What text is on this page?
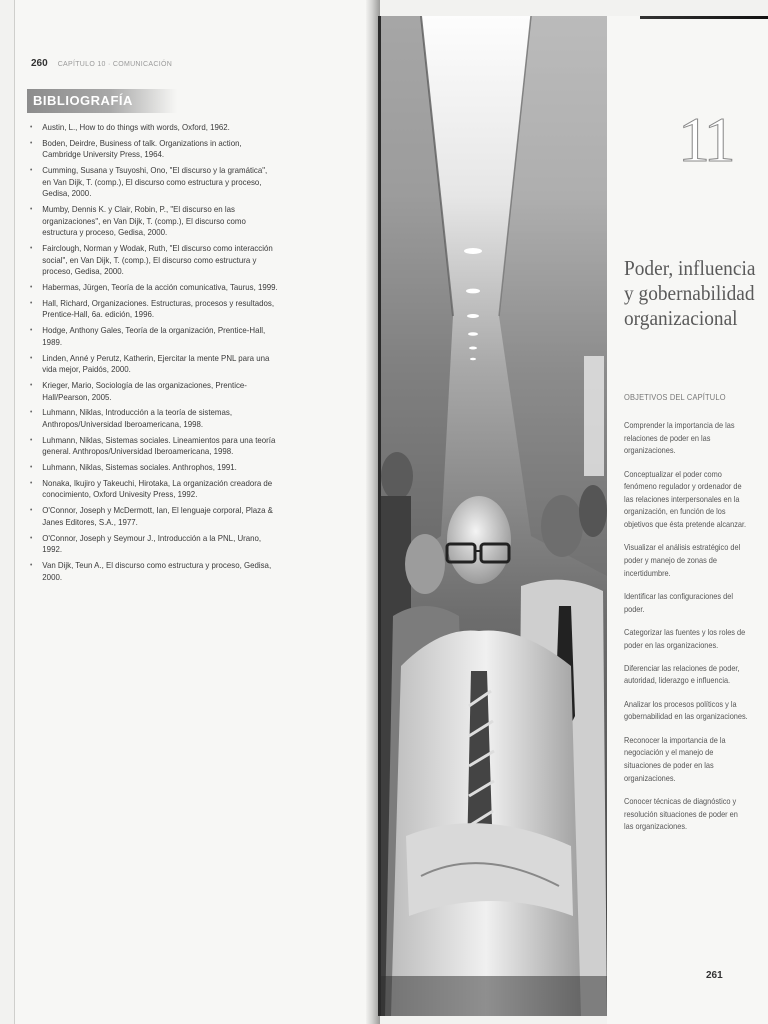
260 CAPÍTULO 10 · COMUNICACIÓN
BIBLIOGRAFÍA
• Austin, L., How to do things with words, Oxford, 1962.
• Boden, Deirdre, Business of talk. Organizations in action, Cambridge University Press, 1964.
• Cumming, Susana y Tsuyoshi, Ono, "El discurso y la gramática", en Van Dijk, T. (comp.), El discurso como estructura y proceso, Gedisa, 2000.
• Mumby, Dennis K. y Clair, Robin, P., "El discurso en las organizaciones", en Van Dijk, T. (comp.), El discurso como estructura y proceso, Gedisa, 2000.
• Fairclough, Norman y Wodak, Ruth, "El discurso como interacción social", en Van Dijk, T. (comp.), El discurso como estructura y proceso, Gedisa, 2000.
• Habermas, Jürgen, Teoría de la acción comunicativa, Taurus, 1999.
• Hall, Richard, Organizaciones. Estructuras, procesos y resultados, Prentice-Hall, 6a. edición, 1996.
• Hodge, Anthony Gales, Teoría de la organización, Prentice-Hall, 1989.
• Linden, Anné y Perutz, Katherin, Ejercitar la mente PNL para una vida mejor, Paidós, 2000.
• Krieger, Mario, Sociología de las organizaciones, Prentice-Hall/Pearson, 2005.
• Luhmann, Niklas, Introducción a la teoría de sistemas, Anthropos/Universidad Iberoamericana, 1998.
• Luhmann, Niklas, Sistemas sociales. Lineamientos para una teoría general. Anthropos/Universidad Iberoamericana, 1998.
• Luhmann, Niklas, Sistemas sociales. Anthrophos, 1991.
• Nonaka, Ikujiro y Takeuchi, Hirotaka, La organización creadora de conocimiento, Oxford Univesity Press, 1992.
• O'Connor, Joseph y McDermott, Ian, El lenguaje corporal, Plaza & Janes Editores, S.A., 1977.
• O'Connor, Joseph y Seymour J., Introducción a la PNL, Urano, 1992.
• Van Dijk, Teun A., El discurso como estructura y proceso, Gedisa, 2000.
11
Poder, influencia
y gobernabilidad
organizacional
OBJETIVOS DEL CAPÍTULO
Comprender la importancia de las relaciones de poder en las organizaciones.
Conceptualizar el poder como fenómeno regulador y ordenador de las relaciones interpersonales en la organización, en función de los objetivos que ésta pretende alcanzar.
Visualizar el análisis estratégico del poder y manejo de zonas de incertidumbre.
Identificar las configuraciones del poder.
Categorizar las fuentes y los roles de poder en las organizaciones.
Diferenciar las relaciones de poder, autoridad, liderazgo e influencia.
Analizar los procesos políticos y la gobernabilidad en las organizaciones.
Reconocer la importancia de la negociación y el manejo de situaciones de poder en las organizaciones.
Conocer técnicas de diagnóstico y resolución situaciones de poder en las organizaciones.
261
